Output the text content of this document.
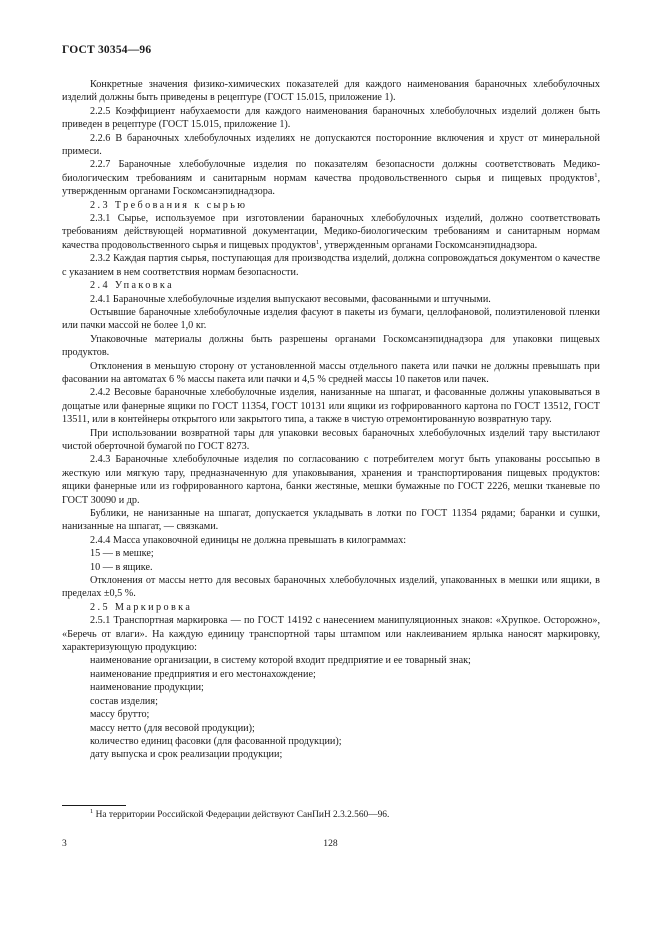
ГОСТ 30354—96

Конкретные значения физико-химических показателей для каждого наименования бараночных хлебобулочных изделий должны быть приведены в рецептуре (ГОСТ 15.015, приложение 1).

2.2.5 Коэффициент набухаемости для каждого наименования бараночных хлебобулочных изделий должен быть приведен в рецептуре (ГОСТ 15.015, приложение 1).

2.2.6 В бараночных хлебобулочных изделиях не допускаются посторонние включения и хруст от минеральной примеси.

2.2.7 Бараночные хлебобулочные изделия по показателям безопасности должны соответствовать Медико-биологическим требованиям и санитарным нормам качества продовольственного сырья и пищевых продуктов$^1$, утвержденным органами Госкомсанэпиднадзора.

2.3 Требования к сырью

2.3.1 Сырье, используемое при изготовлении бараночных хлебобулочных изделий, должно соответствовать требованиям действующей нормативной документации, Медико-биологическим требованиям и санитарным нормам качества продовольственного сырья и пищевых продуктов$^1$, утвержденным органами Госкомсанэпиднадзора.

2.3.2 Каждая партия сырья, поступающая для производства изделий, должна сопровождаться документом о качестве с указанием в нем соответствия нормам безопасности.

2.4 Упаковка

2.4.1 Бараночные хлебобулочные изделия выпускают весовыми, фасованными и штучными.

Остывшие бараночные хлебобулочные изделия фасуют в пакеты из бумаги, целлофановой, полиэтиленовой пленки или пачки массой не более 1,0 кг.

Упаковочные материалы должны быть разрешены органами Госкомсанэпиднадзора для упаковки пищевых продуктов.

Отклонения в меньшую сторону от установленной массы отдельного пакета или пачки не должны превышать при фасовании на автоматах 6 % массы пакета или пачки и 4,5 % средней массы 10 пакетов или пачек.

2.4.2 Весовые бараночные хлебобулочные изделия, нанизанные на шпагат, и фасованные должны упаковываться в дощатые или фанерные ящики по ГОСТ 11354, ГОСТ 10131 или ящики из гофрированного картона по ГОСТ 13512, ГОСТ 13511, или в контейнеры открытого или закрытого типа, а также в чистую отремонтированную возвратную тару.

При использовании возвратной тары для упаковки весовых бараночных хлебобулочных изделий тару выстилают чистой оберточной бумагой по ГОСТ 8273.

2.4.3 Бараночные хлебобулочные изделия по согласованию с потребителем могут быть упакованы россыпью в жесткую или мягкую тару, предназначенную для упаковывания, хранения и транспортирования пищевых продуктов: ящики фанерные или из гофрированного картона, банки жестяные, мешки бумажные по ГОСТ 2226, мешки тканевые по ГОСТ 30090 и др.

Бублики, не нанизанные на шпагат, допускается укладывать в лотки по ГОСТ 11354 рядами; баранки и сушки, нанизанные на шпагат, — связками.

2.4.4 Масса упаковочной единицы не должна превышать в килограммах:

15 — в мешке;

10 — в ящике.

Отклонения от массы нетто для весовых бараночных хлебобулочных изделий, упакованных в мешки или ящики, в пределах ±0,5 %.

2.5 Маркировка

2.5.1 Транспортная маркировка — по ГОСТ 14192 с нанесением манипуляционных знаков: «Хрупкое. Осторожно», «Беречь от влаги». На каждую единицу транспортной тары штампом или наклеиванием ярлыка наносят маркировку, характеризующую продукцию:

наименование организации, в систему которой входит предприятие и ее товарный знак;

наименование предприятия и его местонахождение;

наименование продукции;

состав изделия;

массу брутто;

массу нетто (для весовой продукции);

количество единиц фасовки (для фасованной продукции);

дату выпуска и срок реализации продукции;

$^1$ На территории Российской Федерации действуют СанПиН 2.3.2.560—96.
3	128
